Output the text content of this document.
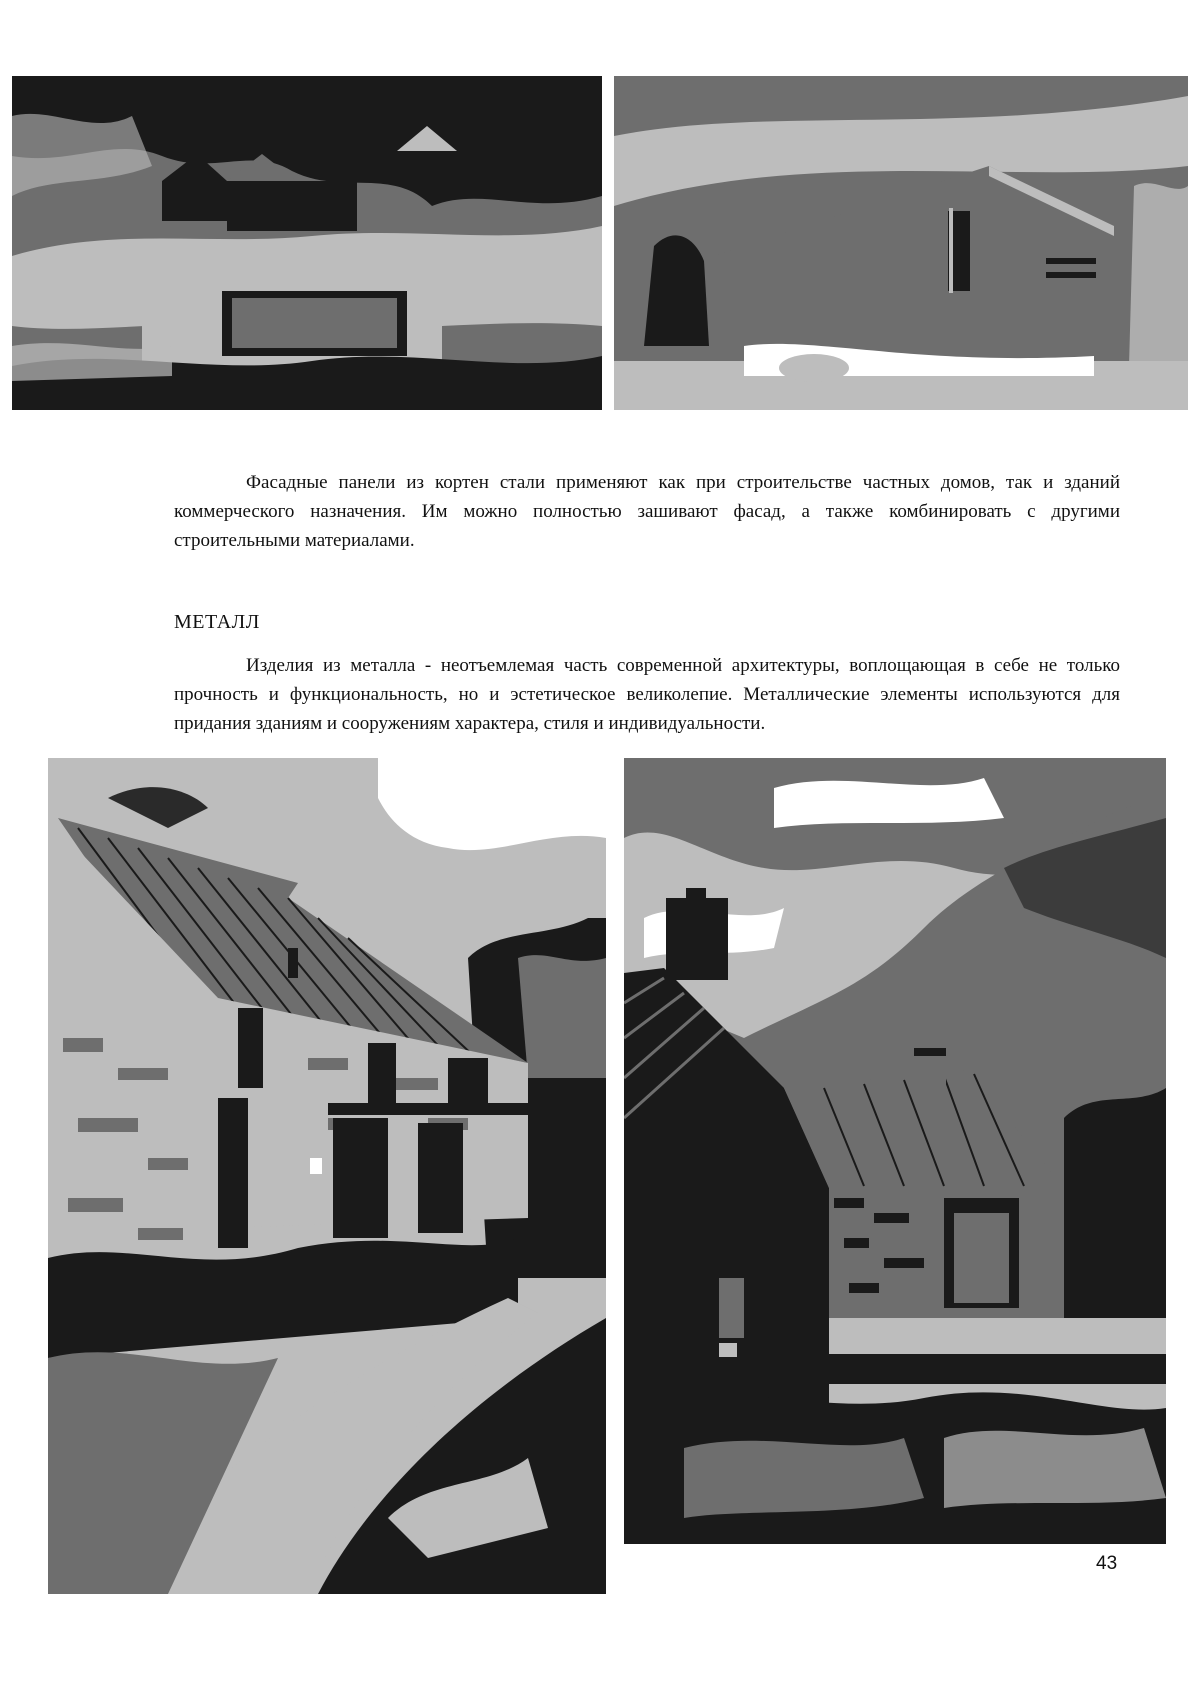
Фасадные панели из кортен стали применяют как при строительстве частных домов, так и зданий коммерческого назначения. Им можно полностью зашивают фасад, а также комбинировать с другими строительными материалами.

МЕТАЛЛ

Изделия из металла - неотъемлемая часть современной архитектуры, воплощающая в себе не только прочность и функциональность, но и эстетическое великолепие. Металлические элементы используются для придания зданиям и сооружениям характера, стиля и индивидуальности.

43
